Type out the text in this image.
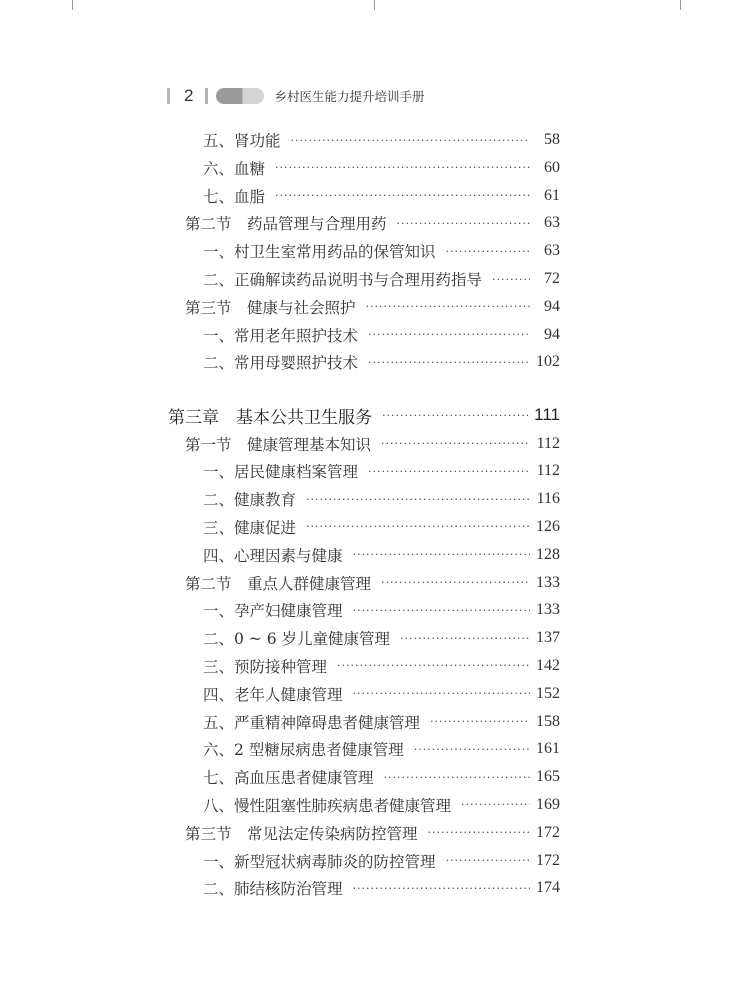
2	乡村医生能力提升培训手册
五、肾功能 ·····	58
六、血糖 ·····	60
七、血脂 ·····	61
第二节　药品管理与合理用药 ·····	63
一、村卫生室常用药品的保管知识 ·····	63
二、正确解读药品说明书与合理用药指导 ·····	72
第三节　健康与社会照护 ·····	94
一、常用老年照护技术 ·····	94
二、常用母婴照护技术 ·····	102
第三章　基本公共卫生服务 ·····	111
第一节　健康管理基本知识 ·····	112
一、居民健康档案管理 ·····	112
二、健康教育 ·····	116
三、健康促进 ·····	126
四、心理因素与健康 ·····	128
第二节　重点人群健康管理 ·····	133
一、孕产妇健康管理 ·····	133
二、0 ~ 6 岁儿童健康管理 ·····	137
三、预防接种管理 ·····	142
四、老年人健康管理 ·····	152
五、严重精神障碍患者健康管理 ·····	158
六、2 型糖尿病患者健康管理 ·····	161
七、高血压患者健康管理 ·····	165
八、慢性阻塞性肺疾病患者健康管理 ·····	169
第三节　常见法定传染病防控管理 ·····	172
一、新型冠状病毒肺炎的防控管理 ·····	172
二、肺结核防治管理 ·····	174
